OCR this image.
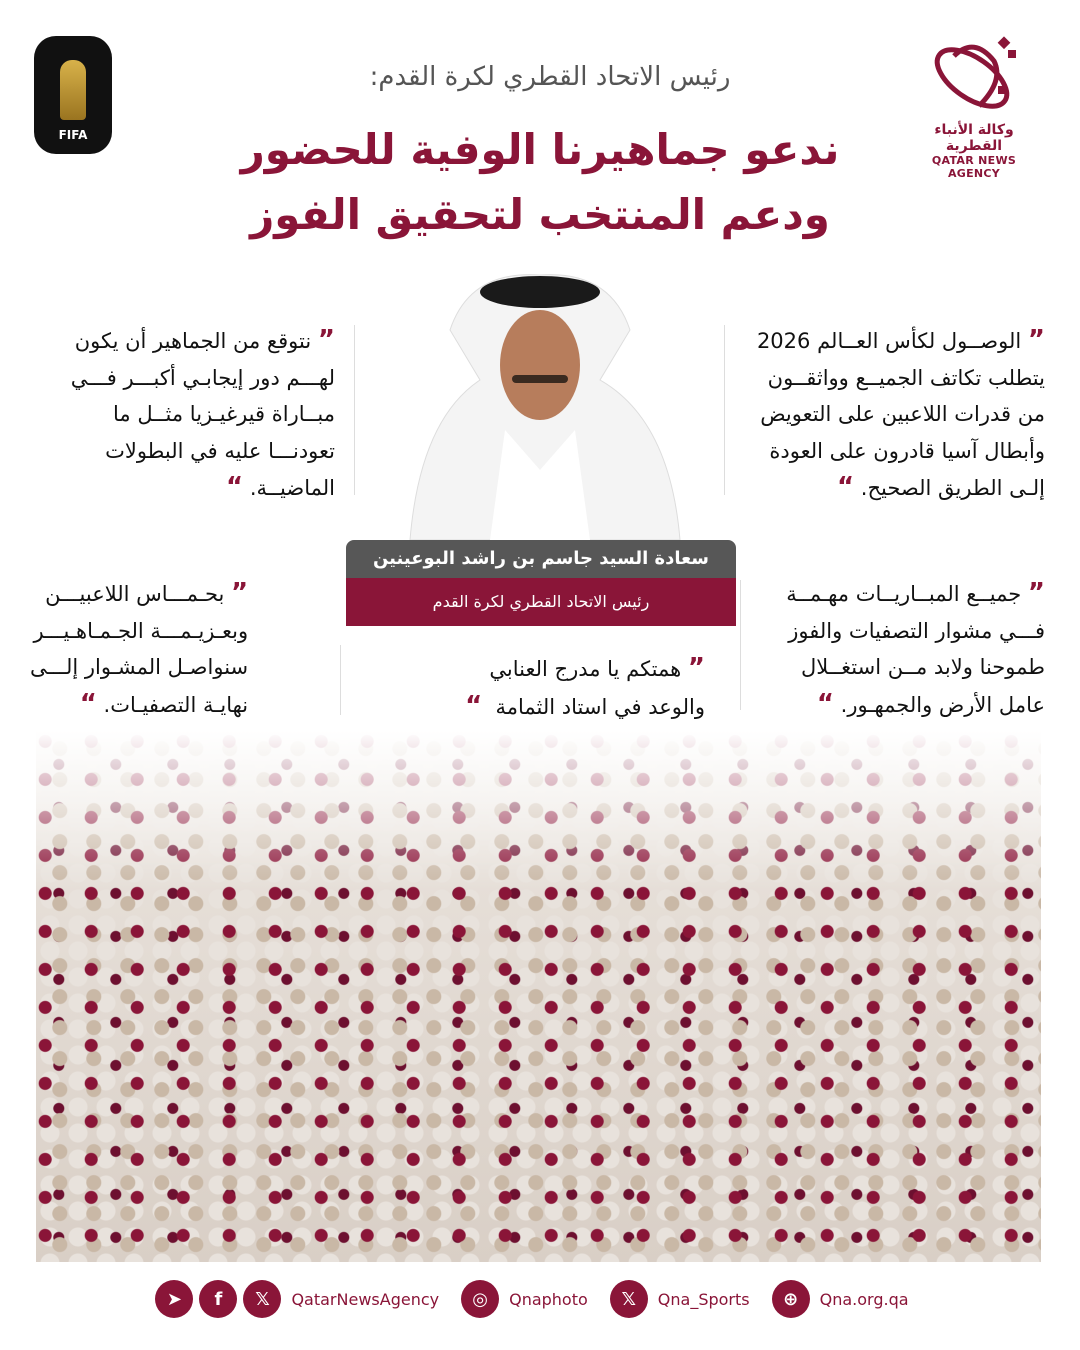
FIFA	وكالة الأنباء القطرية
QATAR NEWS AGENCY
رئيس الاتحاد القطري لكرة القدم:
ندعو جماهيرنا الوفية للحضور
ودعم المنتخب لتحقيق الفوز
سعادة السيد جاسم بن راشد البوعينين
رئيس الاتحاد القطري لكرة القدم
” الوصــول لكأس العــالم 2026
يتطلب تكاتف الجميــع وواثقــون
من قدرات اللاعبين على التعويض
وأبطال آسيا قادرون على العودة
إلـى الطريق الصحيح. “
” نتوقع من الجماهير أن يكون
لهـــم دور إيجابـي أكبـــر فـــي
مبــاراة قيرغيـزيا مثــل ما
تعودنـــا عليه في البطولات
الماضيــة. “
” جميــع المبــاريــات مهـمــة
فـــي مشوار التصفيات والفوز
طموحنا ولابد مــن استغــلال
عامل الأرض والجمهـور. “
” همتكم يا مدرج العنابي
والوعد في استاد الثمامة  “
” بحـمـــاس اللاعبيـــن
وبعـزيـمـــة الجـمـاهـيـــر
سنواصـل المشـوار إلـــى
نهايـة التصفيـات. “
➤	f	𝕏	QatarNewsAgency	◎	Qnaphoto	𝕏	Qna_Sports	⊕	Qna.org.qa
